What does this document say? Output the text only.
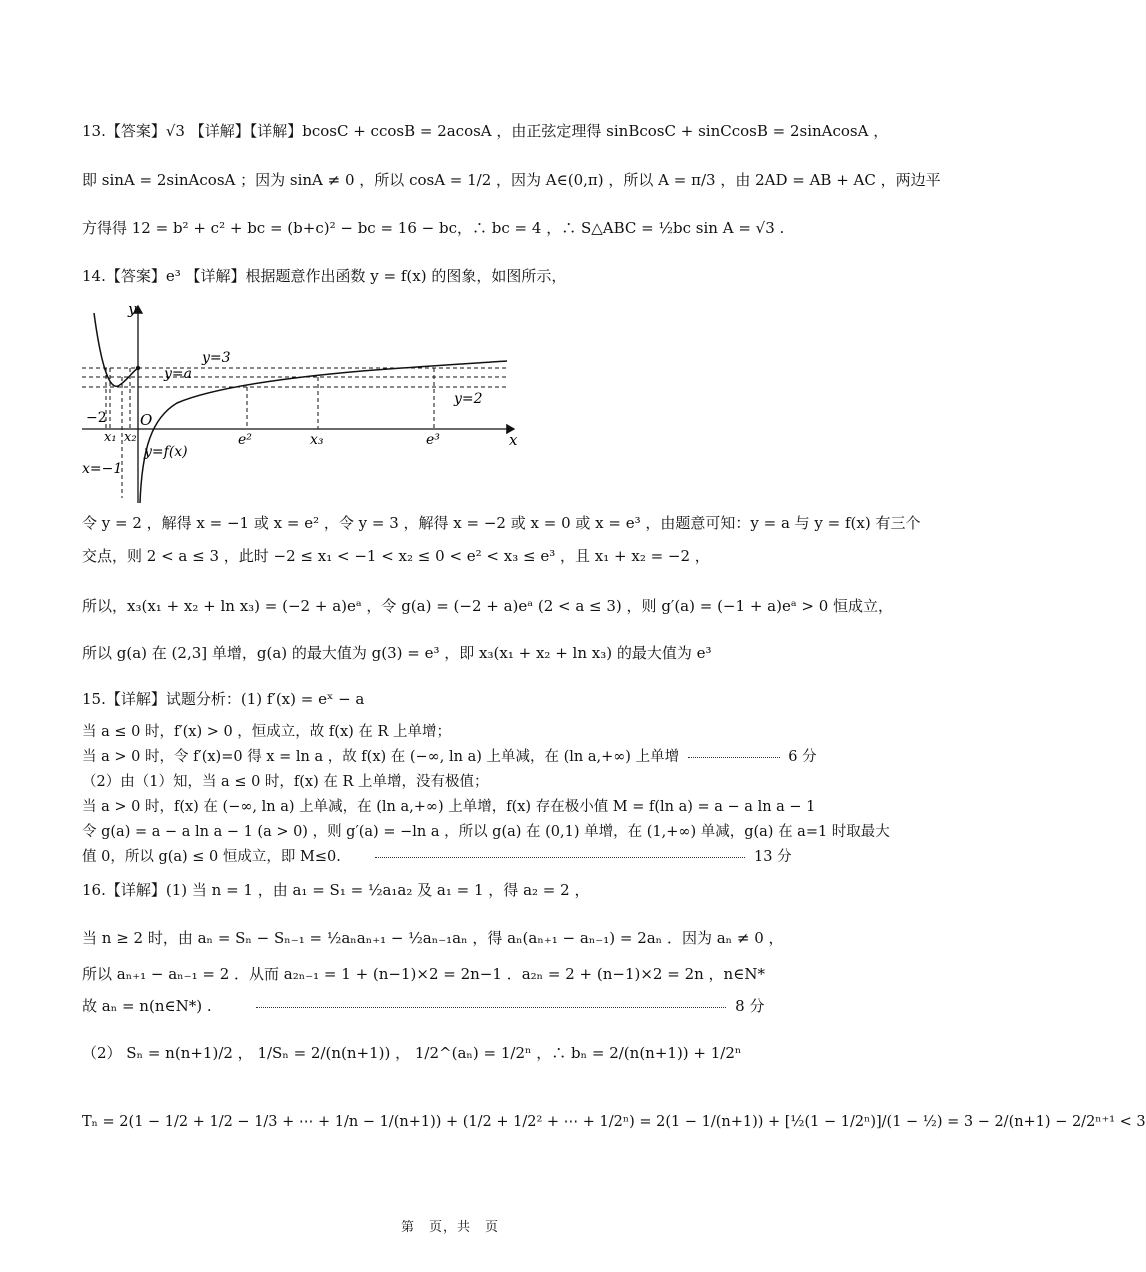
13.【答案】√3 【详解】【详解】bcosC + ccosB = 2acosA ，由正弦定理得 sinBcosC + sinCcosB = 2sinAcosA ，
即 sinA = 2sinAcosA ；因为 sinA ≠ 0 ，所以 cosA = 1/2 ，因为 A∈(0,π) ，所以 A = π/3 ，由 2AD = AB + AC ，两边平
方得得 12 = b² + c² + bc = (b+c)² − bc = 16 − bc，∴ bc = 4 ，∴ S△ABC = ½bc sin A = √3 .
14.【答案】e³ 【详解】根据题意作出函数 y = f(x) 的图象，如图所示，
y
x
O
y=3
y=a
y=2
−2
x₁ x₂	e²	x₃	e³
x=−1
y=f(x)
令 y = 2 ，解得 x = −1 或 x = e² ，令 y = 3 ，解得 x = −2 或 x = 0 或 x = e³ ，由题意可知：y = a 与 y = f(x) 有三个
交点，则 2 < a ≤ 3 ，此时 −2 ≤ x₁ < −1 < x₂ ≤ 0 < e² < x₃ ≤ e³ ，且 x₁ + x₂ = −2 ，
所以，x₃(x₁ + x₂ + ln x₃) = (−2 + a)eᵃ ，令 g(a) = (−2 + a)eᵃ (2 < a ≤ 3) ，则 g′(a) = (−1 + a)eᵃ > 0 恒成立，
所以 g(a) 在 (2,3] 单增，g(a) 的最大值为 g(3) = e³ ，即 x₃(x₁ + x₂ + ln x₃) 的最大值为 e³
15.【详解】试题分析：(1) f′(x) = eˣ − a
当 a ≤ 0 时，f′(x) > 0 ，恒成立，故 f(x) 在 R 上单增；
当 a > 0 时，令 f′(x)=0 得 x = ln a ，故 f(x) 在 (−∞, ln a) 上单减，在 (ln a,+∞) 上单增	6 分
（2）由（1）知，当 a ≤ 0 时，f(x) 在 R 上单增，没有极值；
当 a > 0 时，f(x) 在 (−∞, ln a) 上单减，在 (ln a,+∞) 上单增，f(x) 存在极小值 M = f(ln a) = a − a ln a − 1
令 g(a) = a − a ln a − 1 (a > 0) ，则 g′(a) = −ln a ，所以 g(a) 在 (0,1) 单增，在 (1,+∞) 单减，g(a) 在 a=1 时取最大
值 0，所以 g(a) ≤ 0 恒成立，即 M≤0.	13 分
16.【详解】(1) 当 n = 1 ，由 a₁ = S₁ = ½a₁a₂ 及 a₁ = 1 ，得 a₂ = 2 ，
当 n ≥ 2 时，由 aₙ = Sₙ − Sₙ₋₁ = ½aₙaₙ₊₁ − ½aₙ₋₁aₙ ，得 aₙ(aₙ₊₁ − aₙ₋₁) = 2aₙ ．因为 aₙ ≠ 0 ，
所以 aₙ₊₁ − aₙ₋₁ = 2 ．从而 a₂ₙ₋₁ = 1 + (n−1)×2 = 2n−1 ．a₂ₙ = 2 + (n−1)×2 = 2n ，n∈N*
故 aₙ = n(n∈N*) .	8 分
（2） Sₙ = n(n+1)/2 ， 1/Sₙ = 2/(n(n+1)) ， 1/2^(aₙ) = 1/2ⁿ ，∴ bₙ = 2/(n(n+1)) + 1/2ⁿ
Tₙ = 2(1 − 1/2 + 1/2 − 1/3 + ⋯ + 1/n − 1/(n+1)) + (1/2 + 1/2² + ⋯ + 1/2ⁿ) = 2(1 − 1/(n+1)) + [½(1 − 1/2ⁿ)]/(1 − ½) = 3 − 2/(n+1) − 2/2ⁿ⁺¹ < 3
第　页，共　页
